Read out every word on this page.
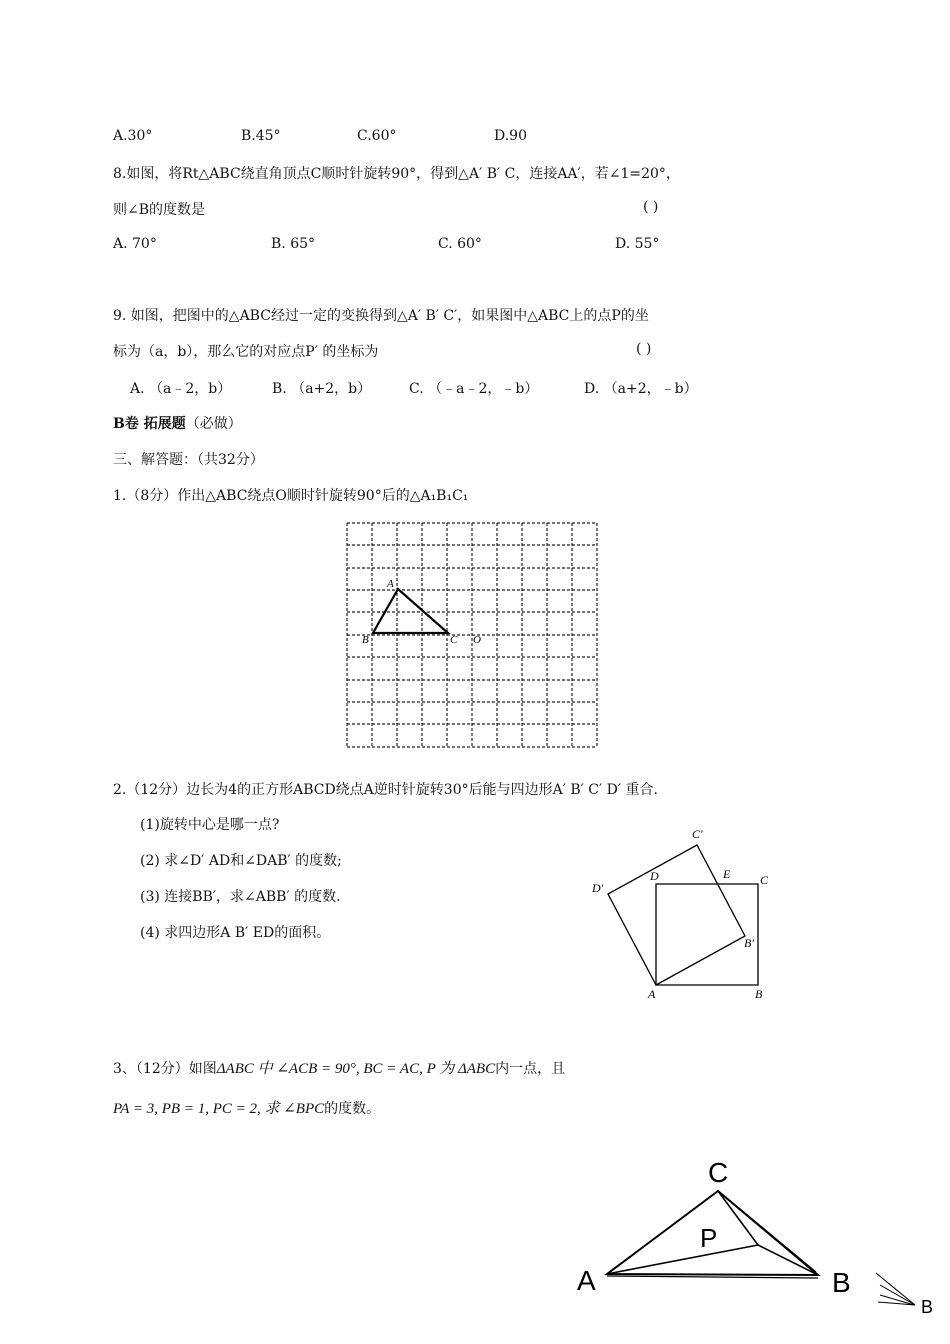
A.30°	B.45°	C.60°	D.90
8.如图，将Rt△ABC绕直角顶点C顺时针旋转90°，得到△A′ B′ C，连接AA′，若∠1=20°，
则∠B的度数是	( )
A. 70°	B. 65°	C. 60°	D. 55°
9. 如图，把图中的△ABC经过一定的变换得到△A′ B′ C′，如果图中△ABC上的点P的坐
标为（a，b），那么它的对应点P′ 的坐标为	( )
A. （a﹣2，b）	B. （a+2，b）	C. （﹣a﹣2，﹣b）	D. （a+2，﹣b）
B卷 拓展题（必做）
三、解答题：（共32分）
1.（8分）作出△ABC绕点O顺时针旋转90°后的△A₁B₁C₁
A
B	C O
2.（12分）边长为4的正方形ABCD绕点A逆时针旋转30°后能与四边形A′ B′ C′ D′ 重合.
(1)旋转中心是哪一点?
(2) 求∠D′ AD和∠DAB′ 的度数;
(3) 连接BB′，求∠ABB′ 的度数.
(4) 求四边形A B′ ED的面积。
A	B
C
D	E
B′
C′
D′
3、（12分）如图ΔABC 中 ∠ACB = 90°, BC = AC, P 为 ΔABC内一点，且
PA = 3, PB = 1, PC = 2, 求 ∠BPC的度数。
C
P
A	B
B
